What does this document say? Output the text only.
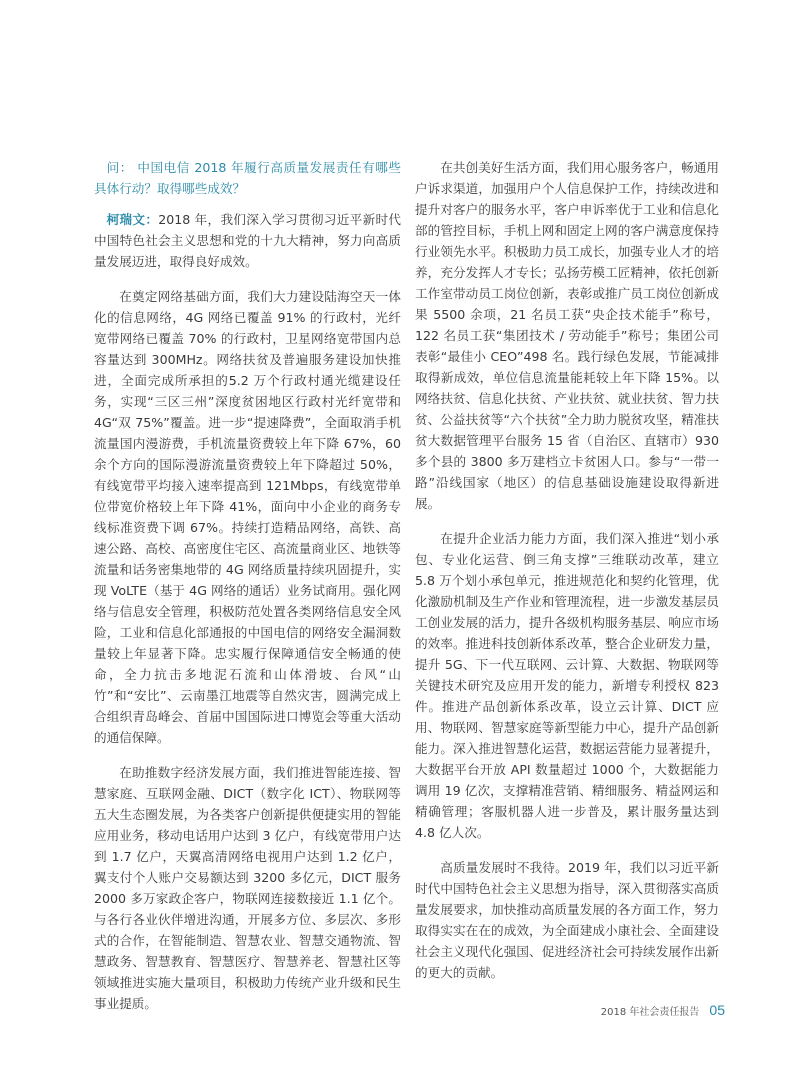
问： 中国电信 2018 年履行高质量发展责任有哪些具体行动？取得哪些成效？

柯瑞文：2018 年，我们深入学习贯彻习近平新时代中国特色社会主义思想和党的十九大精神，努力向高质量发展迈进，取得良好成效。

在奠定网络基础方面，我们大力建设陆海空天一体化的信息网络，4G 网络已覆盖 91% 的行政村，光纤宽带网络已覆盖 70% 的行政村，卫星网络宽带国内总容量达到 300MHz。网络扶贫及普遍服务建设加快推进，全面完成所承担的5.2 万个行政村通光缆建设任务，实现“三区三州”深度贫困地区行政村光纤宽带和 4G“双 75%”覆盖。进一步“提速降费”，全面取消手机流量国内漫游费，手机流量资费较上年下降 67%，60 余个方向的国际漫游流量资费较上年下降超过 50%，有线宽带平均接入速率提高到 121Mbps，有线宽带单位带宽价格较上年下降 41%，面向中小企业的商务专线标准资费下调 67%。持续打造精品网络，高铁、高速公路、高校、高密度住宅区、高流量商业区、地铁等流量和话务密集地带的 4G 网络质量持续巩固提升，实现 VoLTE（基于 4G 网络的通话）业务试商用。强化网络与信息安全管理，积极防范处置各类网络信息安全风险，工业和信息化部通报的中国电信的网络安全漏洞数量较上年显著下降。忠实履行保障通信安全畅通的使命，全力抗击多地泥石流和山体滑坡、台风“山竹”和“安比”、云南墨江地震等自然灾害，圆满完成上合组织青岛峰会、首届中国国际进口博览会等重大活动的通信保障。

在助推数字经济发展方面，我们推进智能连接、智慧家庭、互联网金融、DICT（数字化 ICT）、物联网等五大生态圈发展，为各类客户创新提供便捷实用的智能应用业务，移动电话用户达到 3 亿户，有线宽带用户达到 1.7 亿户，天翼高清网络电视用户达到 1.2 亿户，翼支付个人账户交易额达到 3200 多亿元，DICT 服务 2000 多万家政企客户，物联网连接数接近 1.1 亿个。与各行各业伙伴增进沟通，开展多方位、多层次、多形式的合作，在智能制造、智慧农业、智慧交通物流、智慧政务、智慧教育、智慧医疗、智慧养老、智慧社区等领域推进实施大量项目，积极助力传统产业升级和民生事业提质。

在共创美好生活方面，我们用心服务客户，畅通用户诉求渠道，加强用户个人信息保护工作，持续改进和提升对客户的服务水平，客户申诉率优于工业和信息化部的管控目标，手机上网和固定上网的客户满意度保持行业领先水平。积极助力员工成长，加强专业人才的培养，充分发挥人才专长；弘扬劳模工匠精神，依托创新工作室带动员工岗位创新，表彰或推广员工岗位创新成果 5500 余项，21 名员工获“央企技术能手”称号，122 名员工获“集团技术 / 劳动能手”称号；集团公司表彰“最佳小 CEO”498 名。践行绿色发展，节能减排取得新成效，单位信息流量能耗较上年下降 15%。以网络扶贫、信息化扶贫、产业扶贫、就业扶贫、智力扶贫、公益扶贫等“六个扶贫”全力助力脱贫攻坚，精准扶贫大数据管理平台服务 15 省（自治区、直辖市）930 多个县的 3800 多万建档立卡贫困人口。参与“一带一路”沿线国家（地区）的信息基础设施建设取得新进展。

在提升企业活力能力方面，我们深入推进“划小承包、专业化运营、倒三角支撑”三维联动改革，建立 5.8 万个划小承包单元，推进规范化和契约化管理，优化激励机制及生产作业和管理流程，进一步激发基层员工创业发展的活力，提升各级机构服务基层、响应市场的效率。推进科技创新体系改革，整合企业研发力量，提升 5G、下一代互联网、云计算、大数据、物联网等关键技术研究及应用开发的能力，新增专利授权 823 件。推进产品创新体系改革，设立云计算、DICT 应用、物联网、智慧家庭等新型能力中心，提升产品创新能力。深入推进智慧化运营，数据运营能力显著提升，大数据平台开放 API 数量超过 1000 个，大数据能力调用 19 亿次，支撑精准营销、精细服务、精益网运和精确管理；客服机器人进一步普及，累计服务量达到 4.8 亿人次。

高质量发展时不我待。2019 年，我们以习近平新时代中国特色社会主义思想为指导，深入贯彻落实高质量发展要求，加快推动高质量发展的各方面工作，努力取得实实在在的成效，为全面建成小康社会、全面建设社会主义现代化强国、促进经济社会可持续发展作出新的更大的贡献。

2018 年社会责任报告 05
